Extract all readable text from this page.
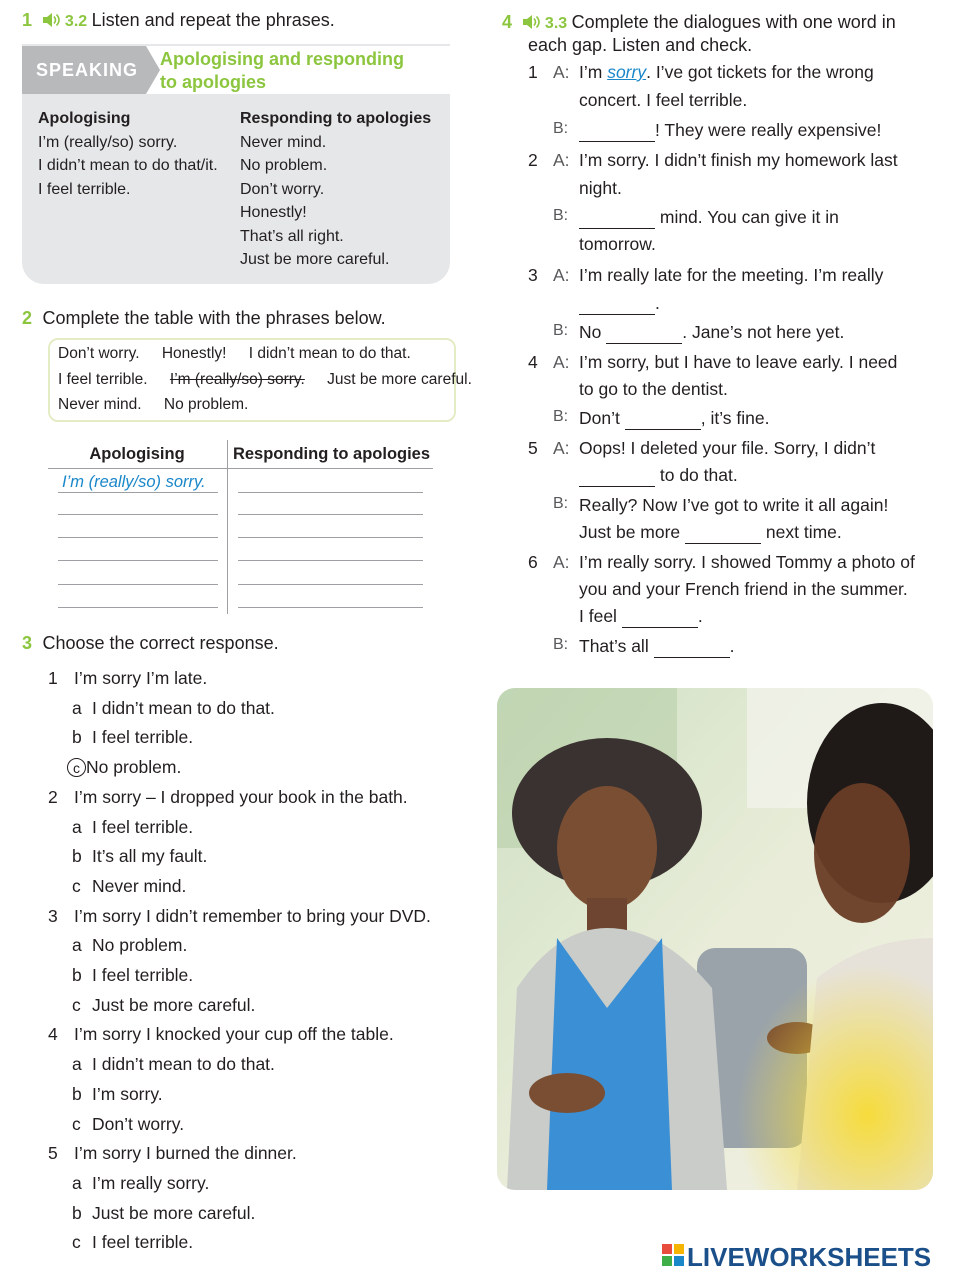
1 3.2 Listen and repeat the phrases.
SPEAKING
Apologising and responding
to apologies
Apologising
I’m (really/so) sorry.
I didn’t mean to do that/it.
I feel terrible.
Responding to apologies
Never mind.
No problem.
Don’t worry.
Honestly!
That’s all right.
Just be more careful.
2 Complete the table with the phrases below.
Don’t worry. Honestly! I didn’t mean to do that.
I feel terrible. I’m (really/so) sorry. Just be more careful.
Never mind. No problem.
Apologising	Responding to apologies
I’m (really/so) sorry.
3 Choose the correct response.
1 I’m sorry I’m late.
a I didn’t mean to do that.
b I feel terrible.
c No problem.
2 I’m sorry – I dropped your book in the bath.
a I feel terrible.
b It’s all my fault.
c Never mind.
3 I’m sorry I didn’t remember to bring your DVD.
a No problem.
b I feel terrible.
c Just be more careful.
4 I’m sorry I knocked your cup off the table.
a I didn’t mean to do that.
b I’m sorry.
c Don’t worry.
5 I’m sorry I burned the dinner.
a I’m really sorry.
b Just be more careful.
c I feel terrible.
4 3.3 Complete the dialogues with one word in
each gap. Listen and check.
1 A: I’m sorry. I’ve got tickets for the wrong
concert. I feel terrible.
B:	! They were really expensive!
2 A: I’m sorry. I didn’t finish my homework last
night.
B:	mind. You can give it in
tomorrow.
3 A: I’m really late for the meeting. I’m really
.
B: No	. Jane’s not here yet.
4 A: I’m sorry, but I have to leave early. I need
to go to the dentist.
B: Don’t	, it’s fine.
5 A: Oops! I deleted your file. Sorry, I didn’t
to do that.
B: Really? Now I’ve got to write it all again!
Just be more	next time.
6 A: I’m really sorry. I showed Tommy a photo of
you and your French friend in the summer.
I feel	.
B: That’s all	.
LIVEWORKSHEETS
